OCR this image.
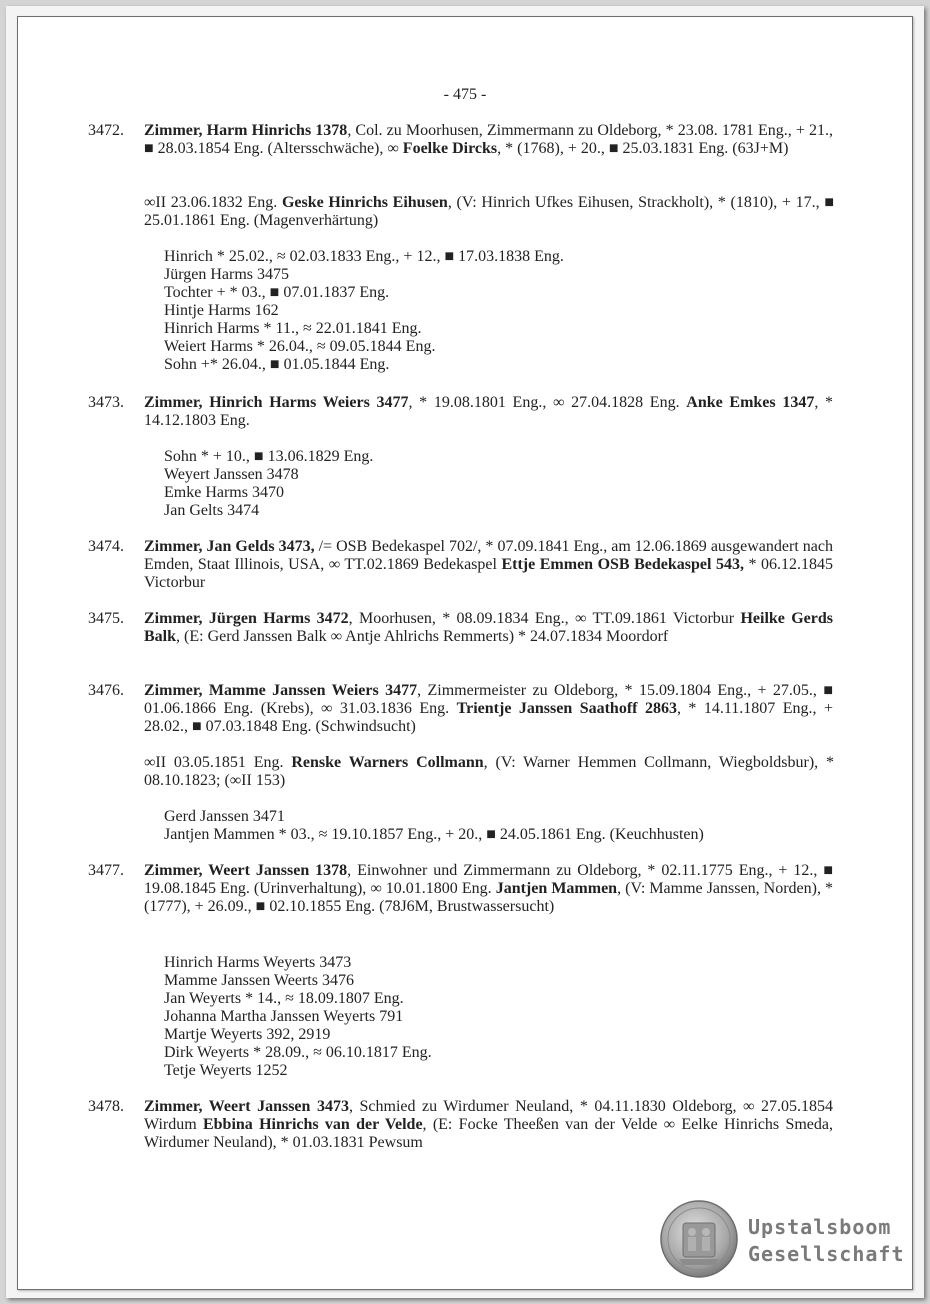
- 475 -
3472. Zimmer, Harm Hinrichs 1378, Col. zu Moorhusen, Zimmermann zu Oldeborg, * 23.08. 1781 Eng., + 21., ■ 28.03.1854 Eng. (Altersschwäche), ∞ Foelke Dircks, * (1768), + 20., ■ 25.03.1831 Eng. (63J+M)
∞II 23.06.1832 Eng. Geske Hinrichs Eihusen, (V: Hinrich Ufkes Eihusen, Strackholt), * (1810), + 17., ■ 25.01.1861 Eng. (Magenverhärtung)
Hinrich * 25.02., ≈ 02.03.1833 Eng., + 12., ■ 17.03.1838 Eng.
Jürgen Harms 3475
Tochter + * 03., ■ 07.01.1837 Eng.
Hintje Harms 162
Hinrich Harms * 11., ≈ 22.01.1841 Eng.
Weiert Harms * 26.04., ≈ 09.05.1844 Eng.
Sohn +* 26.04., ■ 01.05.1844 Eng.
3473. Zimmer, Hinrich Harms Weiers 3477, * 19.08.1801 Eng., ∞ 27.04.1828 Eng. Anke Emkes 1347, * 14.12.1803 Eng.
Sohn * + 10., ■ 13.06.1829 Eng.
Weyert Janssen 3478
Emke Harms 3470
Jan Gelts 3474
3474. Zimmer, Jan Gelds 3473, /= OSB Bedekaspel 702/, * 07.09.1841 Eng., am 12.06.1869 ausgewandert nach Emden, Staat Illinois, USA, ∞ TT.02.1869 Bedekaspel Ettje Emmen OSB Bedekaspel 543, * 06.12.1845 Victorbur
3475. Zimmer, Jürgen Harms 3472, Moorhusen, * 08.09.1834 Eng., ∞ TT.09.1861 Victorbur Heilke Gerds Balk, (E: Gerd Janssen Balk ∞ Antje Ahlrichs Remmerts) * 24.07.1834 Moordorf
3476. Zimmer, Mamme Janssen Weiers 3477, Zimmermeister zu Oldeborg, * 15.09.1804 Eng., + 27.05., ■ 01.06.1866 Eng. (Krebs), ∞ 31.03.1836 Eng. Trientje Janssen Saathoff 2863, * 14.11.1807 Eng., + 28.02., ■ 07.03.1848 Eng. (Schwindsucht)
∞II 03.05.1851 Eng. Renske Warners Collmann, (V: Warner Hemmen Collmann, Wiegboldsbur), * 08.10.1823; (∞II 153)
Gerd Janssen 3471
Jantjen Mammen * 03., ≈ 19.10.1857 Eng., + 20., ■ 24.05.1861 Eng. (Keuchhusten)
3477. Zimmer, Weert Janssen 1378, Einwohner und Zimmermann zu Oldeborg, * 02.11.1775 Eng., + 12., ■ 19.08.1845 Eng. (Urinverhaltung), ∞ 10.01.1800 Eng. Jantjen Mammen, (V: Mamme Janssen, Norden), * (1777), + 26.09., ■ 02.10.1855 Eng. (78J6M, Brustwassersucht)
Hinrich Harms Weyerts 3473
Mamme Janssen Weerts 3476
Jan Weyerts * 14., ≈ 18.09.1807 Eng.
Johanna Martha Janssen Weyerts 791
Martje Weyerts 392, 2919
Dirk Weyerts * 28.09., ≈ 06.10.1817 Eng.
Tetje Weyerts 1252
3478. Zimmer, Weert Janssen 3473, Schmied zu Wirdumer Neuland, * 04.11.1830 Oldeborg, ∞ 27.05.1854 Wirdum Ebbina Hinrichs van der Velde, (E: Focke Theeßen van der Velde ∞ Eelke Hinrichs Smeda, Wirdumer Neuland), * 01.03.1831 Pewsum
Upstalsboom
Gesellschaft
